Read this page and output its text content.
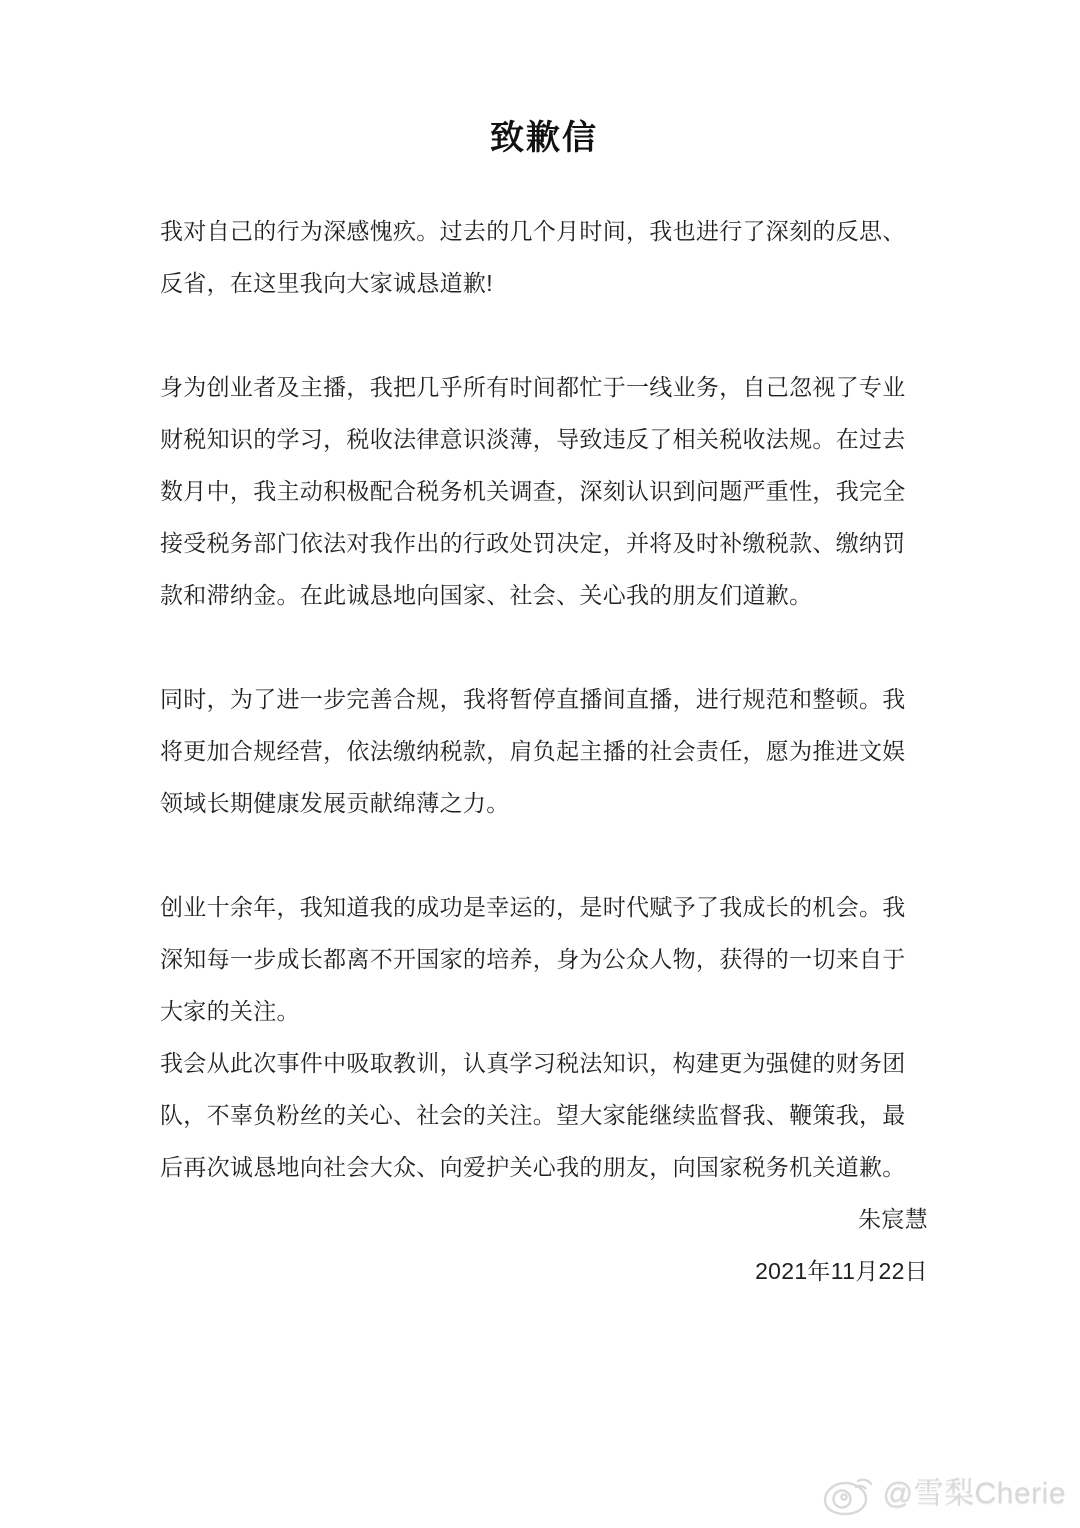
致歉信

我对自己的行为深感愧疚。过去的几个月时间，我也进行了深刻的反思、反省，在这里我向大家诚恳道歉!

身为创业者及主播，我把几乎所有时间都忙于一线业务，自己忽视了专业财税知识的学习，税收法律意识淡薄，导致违反了相关税收法规。在过去数月中，我主动积极配合税务机关调查，深刻认识到问题严重性，我完全接受税务部门依法对我作出的行政处罚决定，并将及时补缴税款、缴纳罚款和滞纳金。在此诚恳地向国家、社会、关心我的朋友们道歉。

同时，为了进一步完善合规，我将暂停直播间直播，进行规范和整顿。我将更加合规经营，依法缴纳税款，肩负起主播的社会责任，愿为推进文娱领域长期健康发展贡献绵薄之力。

创业十余年，我知道我的成功是幸运的，是时代赋予了我成长的机会。我深知每一步成长都离不开国家的培养，身为公众人物，获得的一切来自于大家的关注。

我会从此次事件中吸取教训，认真学习税法知识，构建更为强健的财务团队，不辜负粉丝的关心、社会的关注。望大家能继续监督我、鞭策我，最后再次诚恳地向社会大众、向爱护关心我的朋友，向国家税务机关道歉。

朱宸慧
2021年11月22日
@雪梨Cherie
